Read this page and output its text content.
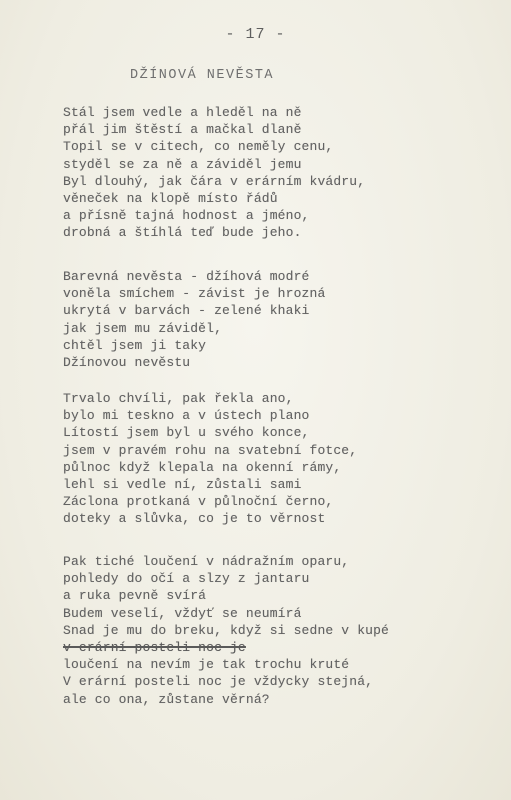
- 17 -
DŽÍNOVÁ NEVĚSTA
Stál jsem vedle a hleděl na ně
přál jim štěstí a mačkal dlaně
Topil se v citech, co neměly cenu,
styděl se za ně a záviděl jemu
Byl dlouhý, jak čára v erárním kvádru,
věneček na klopě místo řádů
a přísně tajná hodnost a jméno,
drobná a štíhlá teď bude jeho.
Barevná nevěsta - džíhová modré
voněla smíchem - závist je hrozná
ukrytá v barvách - zelené khaki
jak jsem mu záviděl,
chtěl jsem ji taky
Džínovou nevěstu
Trvalo chvíli, pak řekla ano,
bylo mi teskno a v ústech plano
Lítostí jsem byl u svého konce,
jsem v pravém rohu na svatební fotce,
půlnoc když klepala na okenní rámy,
lehl si vedle ní, zůstali sami
Záclona protkaná v půlnoční černo,
doteky a slůvka, co je to věrnost
Pak tiché loučení v nádražním oparu,
pohledy do očí a slzy z jantaru
a ruka pevně svírá
Budem veselí, vždyť se neumírá
Snad je mu do breku, když si sedne v kupé
v erární posteli noc je
loučení na nevím je tak trochu kruté
V erární posteli noc je vždycky stejná,
ale co ona, zůstane věrná?
